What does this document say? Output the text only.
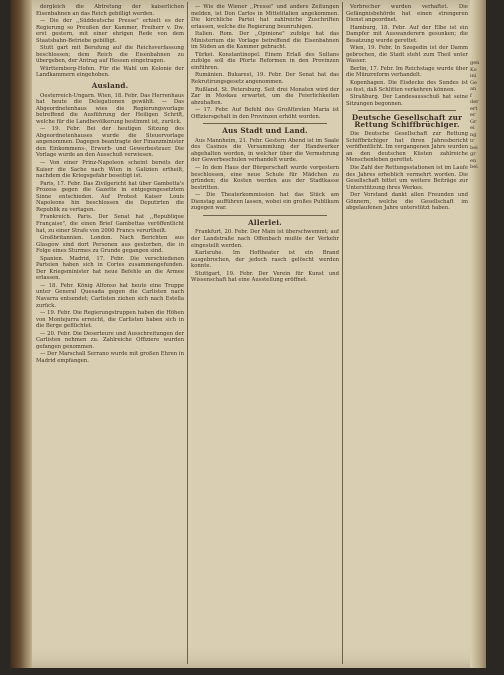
dergleich die Abtretung der kaiserlichen Eisenbahnen an das Reich gebilligt werden.

— Die der ,,Süddeutsche Presse" erhielt es der Regierung so Preußen der Kammer, Freiherr v. Dw. erst gestern, mit einer ehrigen Rede von dem Staatsbahn-Betriebe gebilligt.

Stutt gart mit Berufung auf die Reichsverfassung beschlossen; dem Reich die Eisenbahnen zu übergeben, der Antrag auf Hessen eingetragen.

Württemberg-Hofen. Für die Wahl um Kolonie der Landkammern eingehoben.

Ausland.

Oesterreich-Ungarn. Wien, 18. Febr. Das Herrenhaus hat heute die Delegationen gewählt. — Das Abgeordnetenhaus wies die Regierungsvorlage betreffend die Ausführung der Heiligen Schrift, welche für die Landbevölkerung bestimmt ist, zurück.

— 19. Febr. Bei der heutigen Sitzung des Abgeordnetenhauses wurde die Steuervorlage angenommen. Dagegen beantragte der Finanzminister den Einkommens-, Erwerb- und Gewerbesteuer. Die Vorlage wurde an den Ausschuß verwiesen.

— Von einer Prinz-Napoleon scheint bereits der Kaiser die Sache nach Wien in Galizien ertheilt, nachdem die Kriegsgefahr beseitigt ist.

Paris, 17. Febr. Das Zivilgericht hat über Gambetta's Prozess gegen die Gazette in entgegengesetztem Sinne entschieden. Auf Protest Kaiser Louis Napoleons hin beschlossen die Deputirten die Republik zu vertagen.

Frankreich. Paris. Der Senat hat ,,Republique Française", die einen Brief Gambettas veröffentlicht hat, zu einer Strafe von 2000 Francs verurtheilt.

Großbritannien. London. Nach Berichten aus Glasgow sind dort Personen aus gestorben, die in Folge eines Sturmes zu Grunde gegangen sind.

Spanien. Madrid, 17. Febr. Die verschiedenen Parteien haben sich in Cortes zusammengefunden. Der Kriegsminister hat neue Befehle an die Armee erlassen.

— 18. Febr. König Alfonso hat heute eine Truppe unter General Quesada gegen die Carlisten nach Navarra entsendet; Carlisten ziehen sich nach Estella zurück.

— 19. Febr. Die Regierungstruppen haben die Höhen von Montejurra erreicht, die Carlisten haben sich in die Berge geflüchtet.

— 20. Febr. Die Deserteure und Ausschreitungen der Carlisten nehmen zu. Zahlreiche Offiziere wurden gefangen genommen.

— Der Marschall Serrano wurde mit großen Ehren in Madrid empfangen.

— Wie die Wiener ,,Presse" und andere Zeitungen melden, ist Don Carlos in Mittelitalien angekommen. Die kirchliche Partei hat zahlreiche Zuschriften erlassen, welche die Regierung beunruhigen.

Italien. Rom. Der ,,Opinione" zufolge hat das Ministerium die Vorlage betreffend die Eisenbahnen im Süden an die Kammer gebracht.

Türkei. Konstantinopel. Einem Erlaß des Sultans zufolge soll die Pforte Reformen in den Provinzen einführen.

Rumänien. Bukarest, 19. Febr. Der Senat hat das Rekrutirungsgesetz angenommen.

Rußland. St. Petersburg. Seit drei Monaten wird der Zar in Moskau erwartet, um die Feierlichkeiten abzuhalten.

— 17. Febr. Auf Befehl des Großfürsten Maria ist Offiziersgehalt in den Provinzen erhöht worden.

Aus Stadt und Land.

Aus Mannheim, 21. Febr. Gestern Abend ist im Saale des Casinos die Versammlung der Handwerker abgehalten worden, in welcher über die Vermehrung der Gewerbeschulen verhandelt wurde.

— In dem Haus der Bürgerschaft wurde vorgestern beschlossen, eine neue Schule für Mädchen zu gründen; die Kosten werden aus der Stadtkasse bestritten.

— Die Theaterkommission hat das Stück am Dienstag aufführen lassen, wobei ein großes Publikum zugegen war.

Allerlei.

Frankfurt, 20. Febr. Der Main ist überschwemmt; auf der Landstraße nach Offenbach mußte der Verkehr eingestellt werden.

Karlsruhe. Im Hoftheater ist ein Brand ausgebrochen, der jedoch rasch gelöscht werden konnte.

Stuttgart, 19. Febr. Der Verein für Kunst und Wissenschaft hat eine Ausstellung eröffnet.

Verbrecher wurden verhaftet. Die Gefängnisbehörde hat einen strengeren Dienst angeordnet.

Hamburg, 18. Febr. Auf der Elbe ist ein Dampfer mit Auswanderern gesunken; die Besatzung wurde gerettet.

Wien, 19. Febr. In Szegedin ist der Damm gebrochen, die Stadt steht zum Theil unter Wasser.

Berlin, 17. Febr. Im Reichstage wurde über die Münzreform verhandelt.

Kopenhagen. Die Eisdecke des Sundes ist so fest, daß Schlitten verkehren können.

Straßburg. Der Landesausschuß hat seine Sitzungen begonnen.

Deutsche Gesellschaft zur Rettung Schiffbrüchiger.

Die Deutsche Gesellschaft zur Rettung Schiffbrüchiger hat ihren Jahresbericht veröffentlicht. Im vergangenen Jahre wurden an den deutschen Küsten zahlreiche Menschenleben gerettet.

Die Zahl der Rettungsstationen ist im Laufe des Jahres erheblich vermehrt worden. Die Gesellschaft bittet um weitere Beiträge zur Unterstützung ihres Werkes.

Der Vorstand dankt allen Freunden und Gönnern, welche die Gesellschaft im abgelaufenen Jahre unterstützt haben.

gen
Ko
ini
Ge
an
f
der
ert
er
Gr
ei
ng
tr
bei
gr
en
bei
